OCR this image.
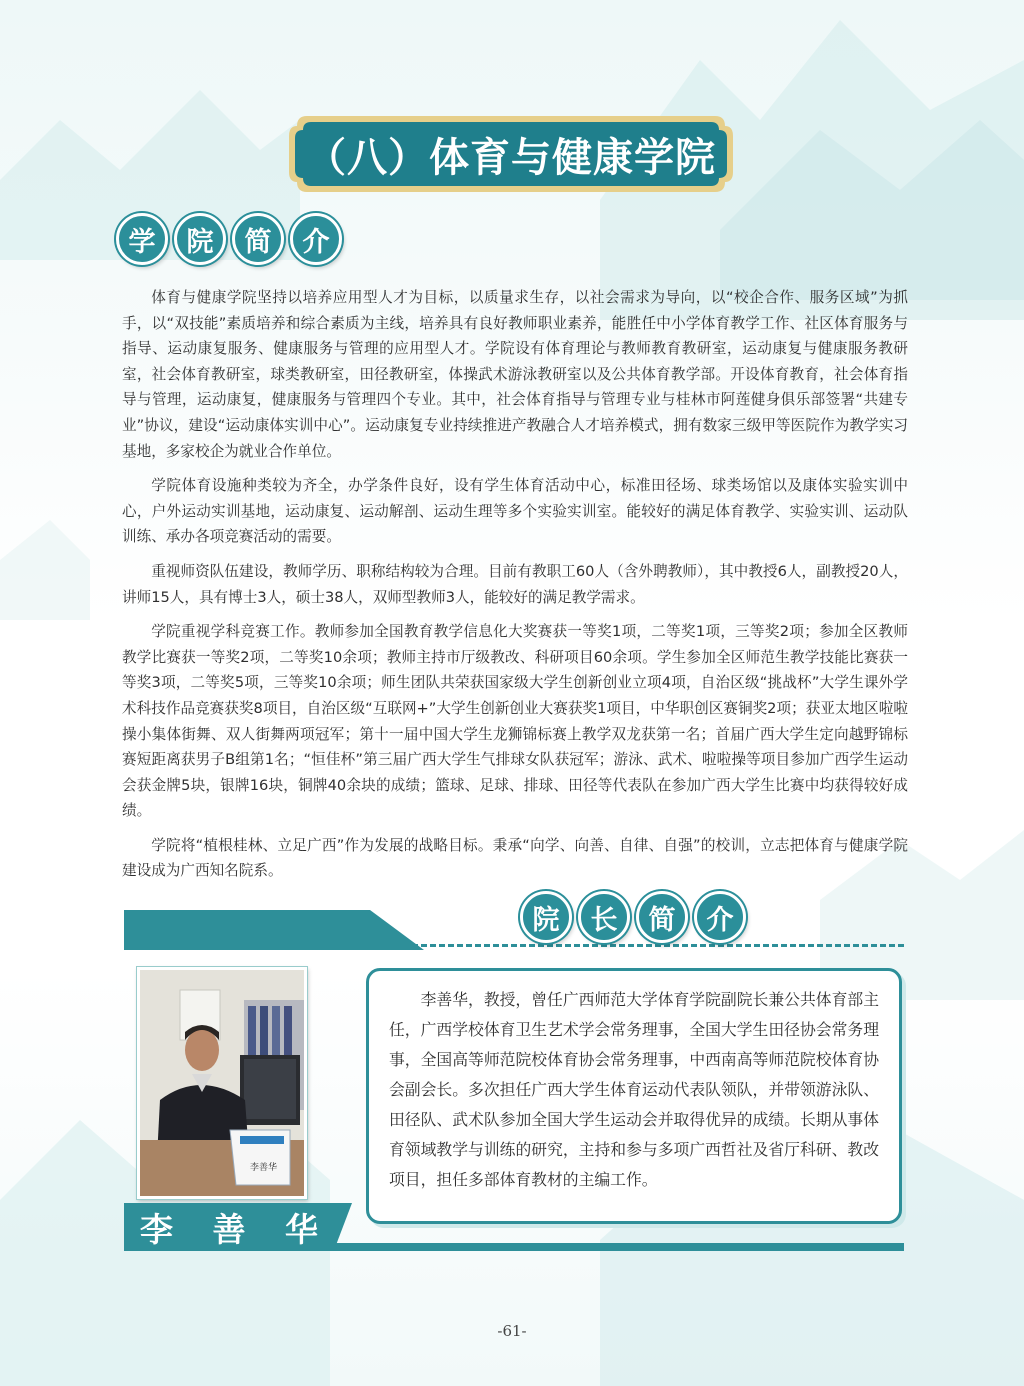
（八）体育与健康学院
学	院	简	介

体育与健康学院坚持以培养应用型人才为目标，以质量求生存，以社会需求为导向，以“校企合作、服务区域”为抓手，以“双技能”素质培养和综合素质为主线，培养具有良好教师职业素养，能胜任中小学体育教学工作、社区体育服务与指导、运动康复服务、健康服务与管理的应用型人才。学院设有体育理论与教师教育教研室，运动康复与健康服务教研室，社会体育教研室，球类教研室，田径教研室，体操武术游泳教研室以及公共体育教学部。开设体育教育，社会体育指导与管理，运动康复，健康服务与管理四个专业。其中，社会体育指导与管理专业与桂林市阿莲健身俱乐部签署“共建专业”协议，建设“运动康体实训中心”。运动康复专业持续推进产教融合人才培养模式，拥有数家三级甲等医院作为教学实习基地，多家校企为就业合作单位。

学院体育设施种类较为齐全，办学条件良好，设有学生体育活动中心，标准田径场、球类场馆以及康体实验实训中心，户外运动实训基地，运动康复、运动解剖、运动生理等多个实验实训室。能较好的满足体育教学、实验实训、运动队训练、承办各项竞赛活动的需要。

重视师资队伍建设，教师学历、职称结构较为合理。目前有教职工60人（含外聘教师），其中教授6人，副教授20人，讲师15人，具有博士3人，硕士38人，双师型教师3人，能较好的满足教学需求。

学院重视学科竞赛工作。教师参加全国教育教学信息化大奖赛获一等奖1项，二等奖1项，三等奖2项；参加全区教师教学比赛获一等奖2项，二等奖10余项；教师主持市厅级教改、科研项目60余项。学生参加全区师范生教学技能比赛获一等奖3项，二等奖5项，三等奖10余项；师生团队共荣获国家级大学生创新创业立项4项，自治区级“挑战杯”大学生课外学术科技作品竞赛获奖8项目，自治区级“互联网+”大学生创新创业大赛获奖1项目，中华职创区赛铜奖2项；获亚太地区啦啦操小集体街舞、双人街舞两项冠军；第十一届中国大学生龙狮锦标赛上教学双龙获第一名；首届广西大学生定向越野锦标赛短距离获男子B组第1名；“恒佳杯”第三届广西大学生气排球女队获冠军；游泳、武术、啦啦操等项目参加广西学生运动会获金牌5块，银牌16块，铜牌40余块的成绩；篮球、足球、排球、田径等代表队在参加广西大学生比赛中均获得较好成绩。

学院将“植根桂林、立足广西”作为发展的战略目标。秉承“向学、向善、自律、自强”的校训，立志把体育与健康学院建设成为广西知名院系。

院	长	简	介
李善华

李善华，教授，曾任广西师范大学体育学院副院长兼公共体育部主任，广西学校体育卫生艺术学会常务理事，全国大学生田径协会常务理事，全国高等师范院校体育协会常务理事，中西南高等师范院校体育协会副会长。多次担任广西大学生体育运动代表队领队，并带领游泳队、田径队、武术队参加全国大学生运动会并取得优异的成绩。长期从事体育领域教学与训练的研究，主持和参与多项广西哲社及省厅科研、教改项目，担任多部体育教材的主编工作。

李 善 华
-61-
